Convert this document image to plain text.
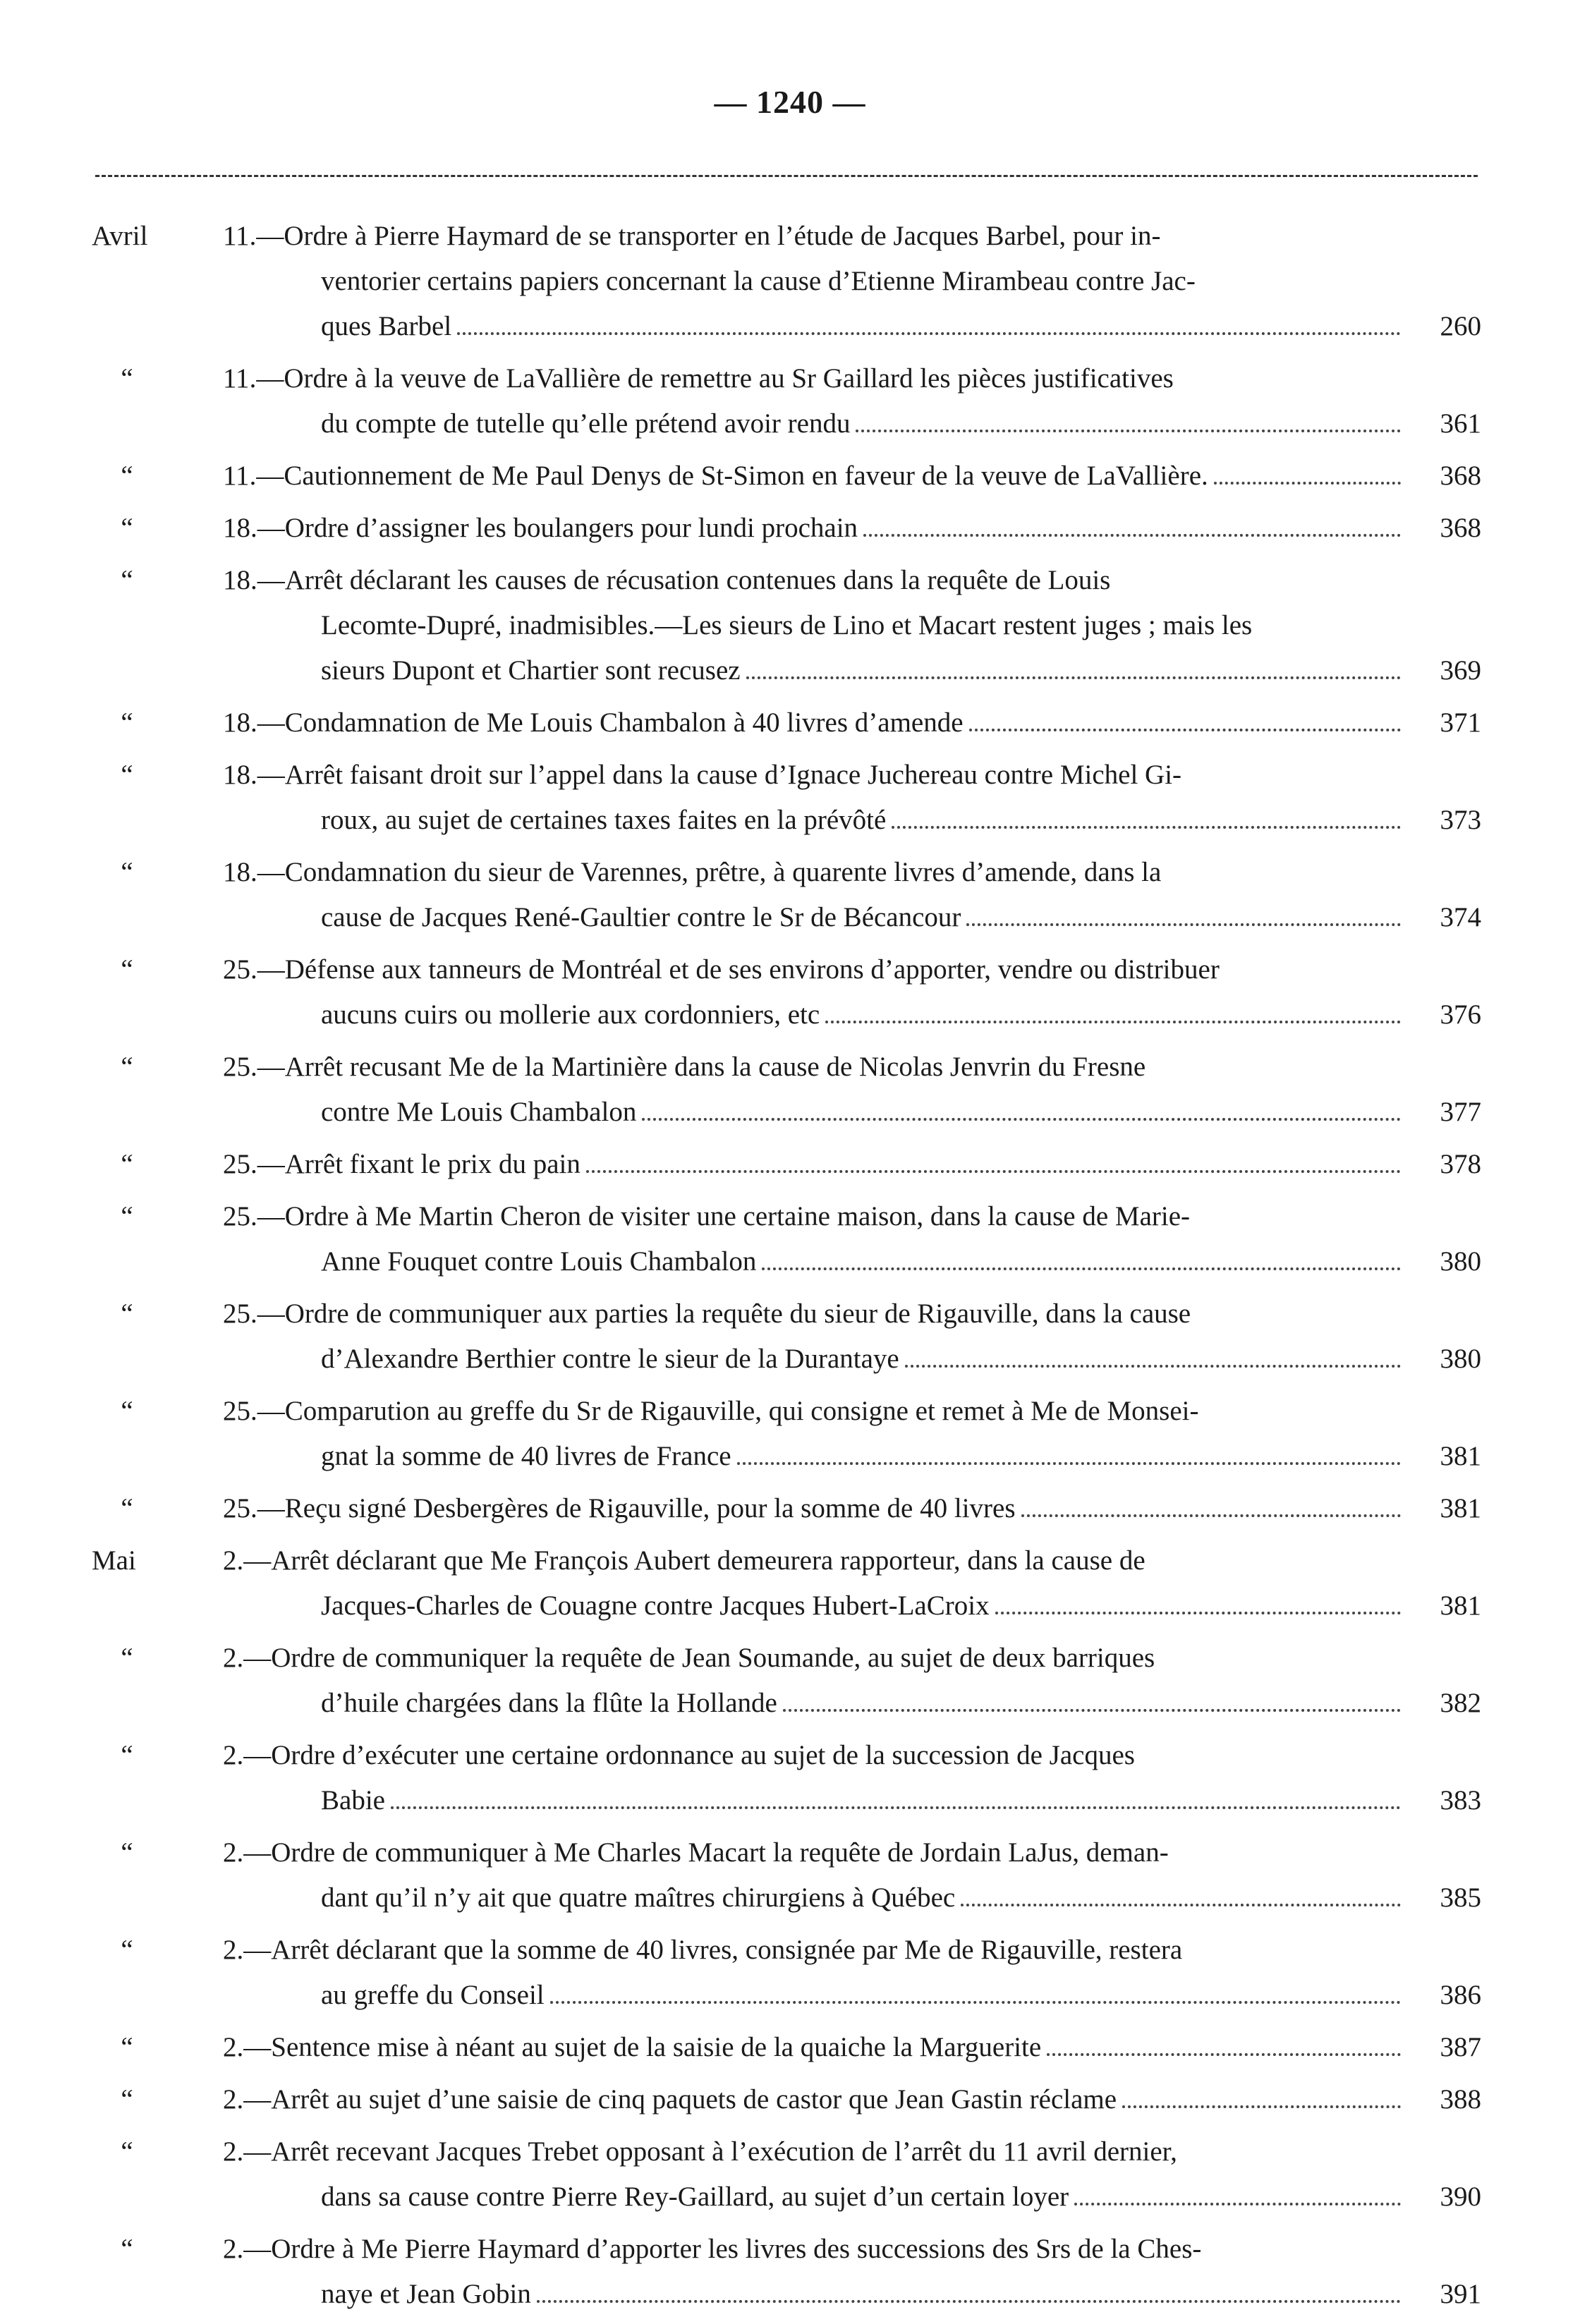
— 1240 —
Avril	11 .— Ordre à Pierre Haymard de se transporter en l’étude de Jacques Barbel, pour in-
ventorier certains papiers concernant la cause d’Etienne Mirambeau contre Jac-
ques Barbel	260
“	11 .— Ordre à la veuve de LaVallière de remettre au Sr Gaillard les pièces justificatives
du compte de tutelle qu’elle prétend avoir rendu	361
“	11 .— Cautionnement de Me Paul Denys de St-Simon en faveur de la veuve de LaVallière.	368
“	18 .— Ordre d’assigner les boulangers pour lundi prochain	368
“	18 .— Arrêt déclarant les causes de récusation contenues dans la requête de Louis
Lecomte-Dupré, inadmisibles.—Les sieurs de Lino et Macart restent juges ; mais les
sieurs Dupont et Chartier sont recusez	369
“	18 .— Condamnation de Me Louis Chambalon à 40 livres d’amende	371
“	18 .— Arrêt faisant droit sur l’appel dans la cause d’Ignace Juchereau contre Michel Gi-
roux, au sujet de certaines taxes faites en la prévôté	373
“	18 .— Condamnation du sieur de Varennes, prêtre, à quarente livres d’amende, dans la
cause de Jacques René-Gaultier contre le Sr de Bécancour	374
“	25 .— Défense aux tanneurs de Montréal et de ses environs d’apporter, vendre ou distribuer
aucuns cuirs ou mollerie aux cordonniers, etc	376
“	25 .— Arrêt recusant Me de la Martinière dans la cause de Nicolas Jenvrin du Fresne
contre Me Louis Chambalon	377
“	25 .— Arrêt fixant le prix du pain	378
“	25 .— Ordre à Me Martin Cheron de visiter une certaine maison, dans la cause de Marie-
Anne Fouquet contre Louis Chambalon	380
“	25 .— Ordre de communiquer aux parties la requête du sieur de Rigauville, dans la cause
d’Alexandre Berthier contre le sieur de la Durantaye	380
“	25 .— Comparution au greffe du Sr de Rigauville, qui consigne et remet à Me de Monsei-
gnat la somme de 40 livres de France	381
“	25 .— Reçu signé Desbergères de Rigauville, pour la somme de 40 livres	381
Mai	2 .— Arrêt déclarant que Me François Aubert demeurera rapporteur, dans la cause de
Jacques-Charles de Couagne contre Jacques Hubert-LaCroix	381
“	2 .— Ordre de communiquer la requête de Jean Soumande, au sujet de deux barriques
d’huile chargées dans la flûte la Hollande	382
“	2 .— Ordre d’exécuter une certaine ordonnance au sujet de la succession de Jacques
Babie	383
“	2 .— Ordre de communiquer à Me Charles Macart la requête de Jordain LaJus, deman-
dant qu’il n’y ait que quatre maîtres chirurgiens à Québec	385
“	2 .— Arrêt déclarant que la somme de 40 livres, consignée par Me de Rigauville, restera
au greffe du Conseil	386
“	2 .— Sentence mise à néant au sujet de la saisie de la quaiche la Marguerite	387
“	2 .— Arrêt au sujet d’une saisie de cinq paquets de castor que Jean Gastin réclame	388
“	2 .— Arrêt recevant Jacques Trebet opposant à l’exécution de l’arrêt du 11 avril dernier,
dans sa cause contre Pierre Rey-Gaillard, au sujet d’un certain loyer	390
“	2 .— Ordre à Me Pierre Haymard d’apporter les livres des successions des Srs de la Ches-
naye et Jean Gobin	391
